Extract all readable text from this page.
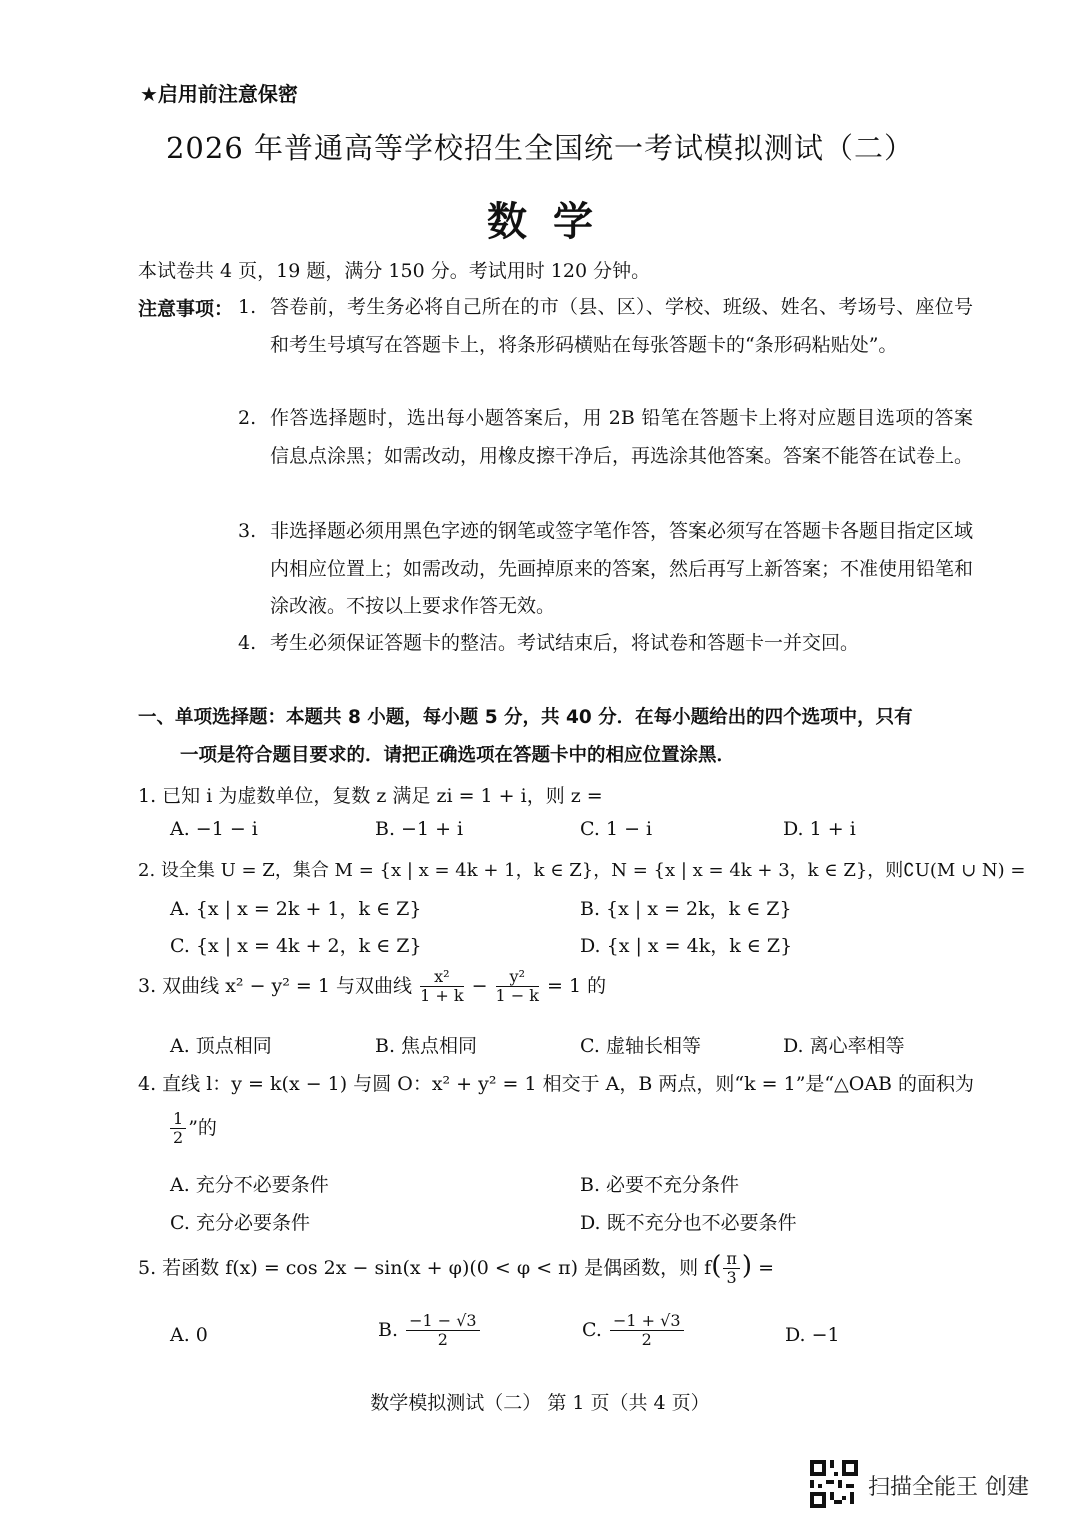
★启用前注意保密
2026 年普通高等学校招生全国统一考试模拟测试（二）
数学
本试卷共 4 页，19 题，满分 150 分。考试用时 120 分钟。
注意事项： 1. 答卷前，考生务必将自己所在的市（县、区）、学校、班级、姓名、考场号、座位号和考生号填写在答题卡上，将条形码横贴在每张答题卡的“条形码粘贴处”。
2. 作答选择题时，选出每小题答案后，用 2B 铅笔在答题卡上将对应题目选项的答案信息点涂黑；如需改动，用橡皮擦干净后，再选涂其他答案。答案不能答在试卷上。
3. 非选择题必须用黑色字迹的钢笔或签字笔作答，答案必须写在答题卡各题目指定区域内相应位置上；如需改动，先画掉原来的答案，然后再写上新答案；不准使用铅笔和涂改液。不按以上要求作答无效。
4. 考生必须保证答题卡的整洁。考试结束后，将试卷和答题卡一并交回。
一、单项选择题：本题共 8 小题，每小题 5 分，共 40 分．在每小题给出的四个选项中，只有
一项是符合题目要求的．请把正确选项在答题卡中的相应位置涂黑．
1. 已知 i 为虚数单位，复数 z 满足 zi = 1 + i，则 z =
A. −1 − i	B. −1 + i	C. 1 − i	D. 1 + i
2. 设全集 U = Z，集合 M = {x | x = 4k + 1，k ∈ Z}，N = {x | x = 4k + 3，k ∈ Z}，则∁U(M ∪ N) =
A. {x | x = 2k + 1，k ∈ Z}	B. {x | x = 2k，k ∈ Z}
C. {x | x = 4k + 2，k ∈ Z}	D. {x | x = 4k，k ∈ Z}
3. 双曲线 x² − y² = 1 与双曲线 $\frac{\text{x²}}{1 + k} - \frac{\text{y²}}{1 - k} = 1$ 的
A. 顶点相同	B. 焦点相同	C. 虚轴长相等	D. 离心率相等
4. 直线 l：y = k(x − 1) 与圆 O：x² + y² = 1 相交于 A，B 两点，则“k = 1”是“△OAB 的面积为
$\frac{1}{2}$ ”的
A. 充分不必要条件	B. 必要不充分条件
C. 充分必要条件	D. 既不充分也不必要条件
5. 若函数 f(x) = cos 2x − sin(x + φ)(0 < φ < π) 是偶函数，则 $f( \frac{\pi}{3}$ ) =
A. 0	B. $\frac{-1 - √3}{2}$	C. $\frac{-1 + √3}{2}$	D. −1
数学模拟测试（二） 第 1 页（共 4 页）
扫描全能王 创建
